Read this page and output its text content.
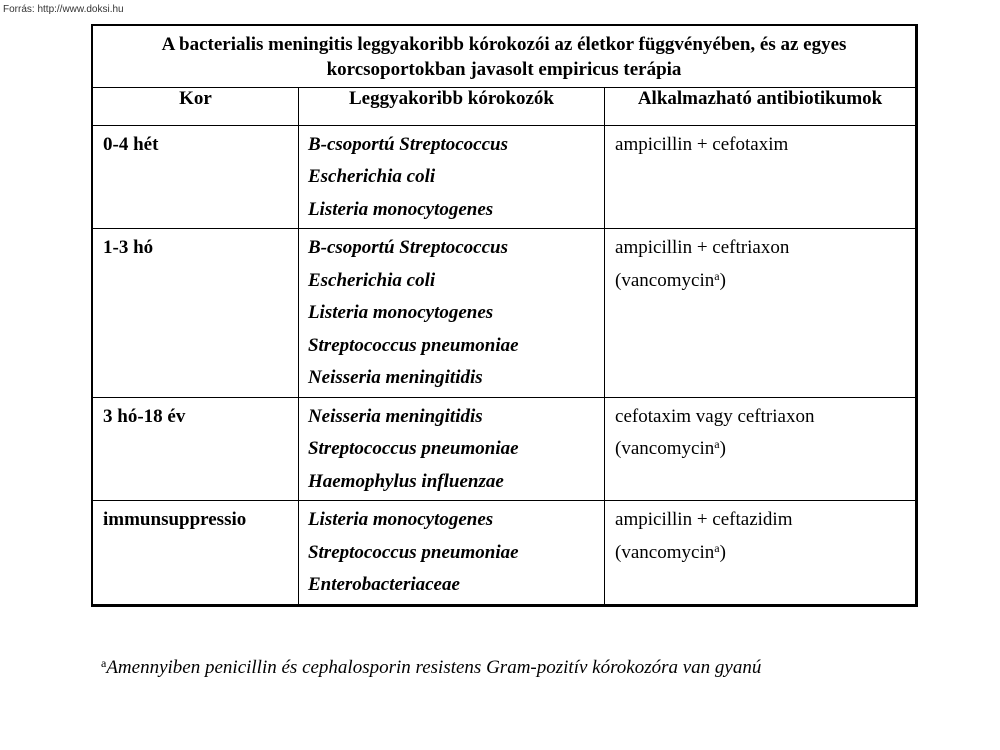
Forrás: http://www.doksi.hu
A bacterialis meningitis leggyakoribb kórokozói az életkor függvényében, és az egyes korcsoportokban javasolt empiricus terápia		
Kor	Leggyakoribb kórokozók	Alkalmazható antibiotikumok
0-4 hét	B-csoportú Streptococcus
Escherichia coli
Listeria monocytogenes	ampicillin + cefotaxim

1-3 hó	B-csoportú Streptococcus
Escherichia coli
Listeria monocytogenes
Streptococcus pneumoniae
Neisseria meningitidis	ampicillin + ceftriaxon
(vancomycin$^a$)

3 hó-18 év	Neisseria meningitidis
Streptococcus pneumoniae
Haemophylus influenzae	cefotaxim vagy ceftriaxon
(vancomycin$^a$)

immunsuppressio	Listeria monocytogenes
Streptococcus pneumoniae
Enterobacteriaceae	ampicillin + ceftazidim
(vancomycin$^a$)
$^a$Amennyiben penicillin és cephalosporin resistens Gram-pozitív kórokozóra van gyanú
